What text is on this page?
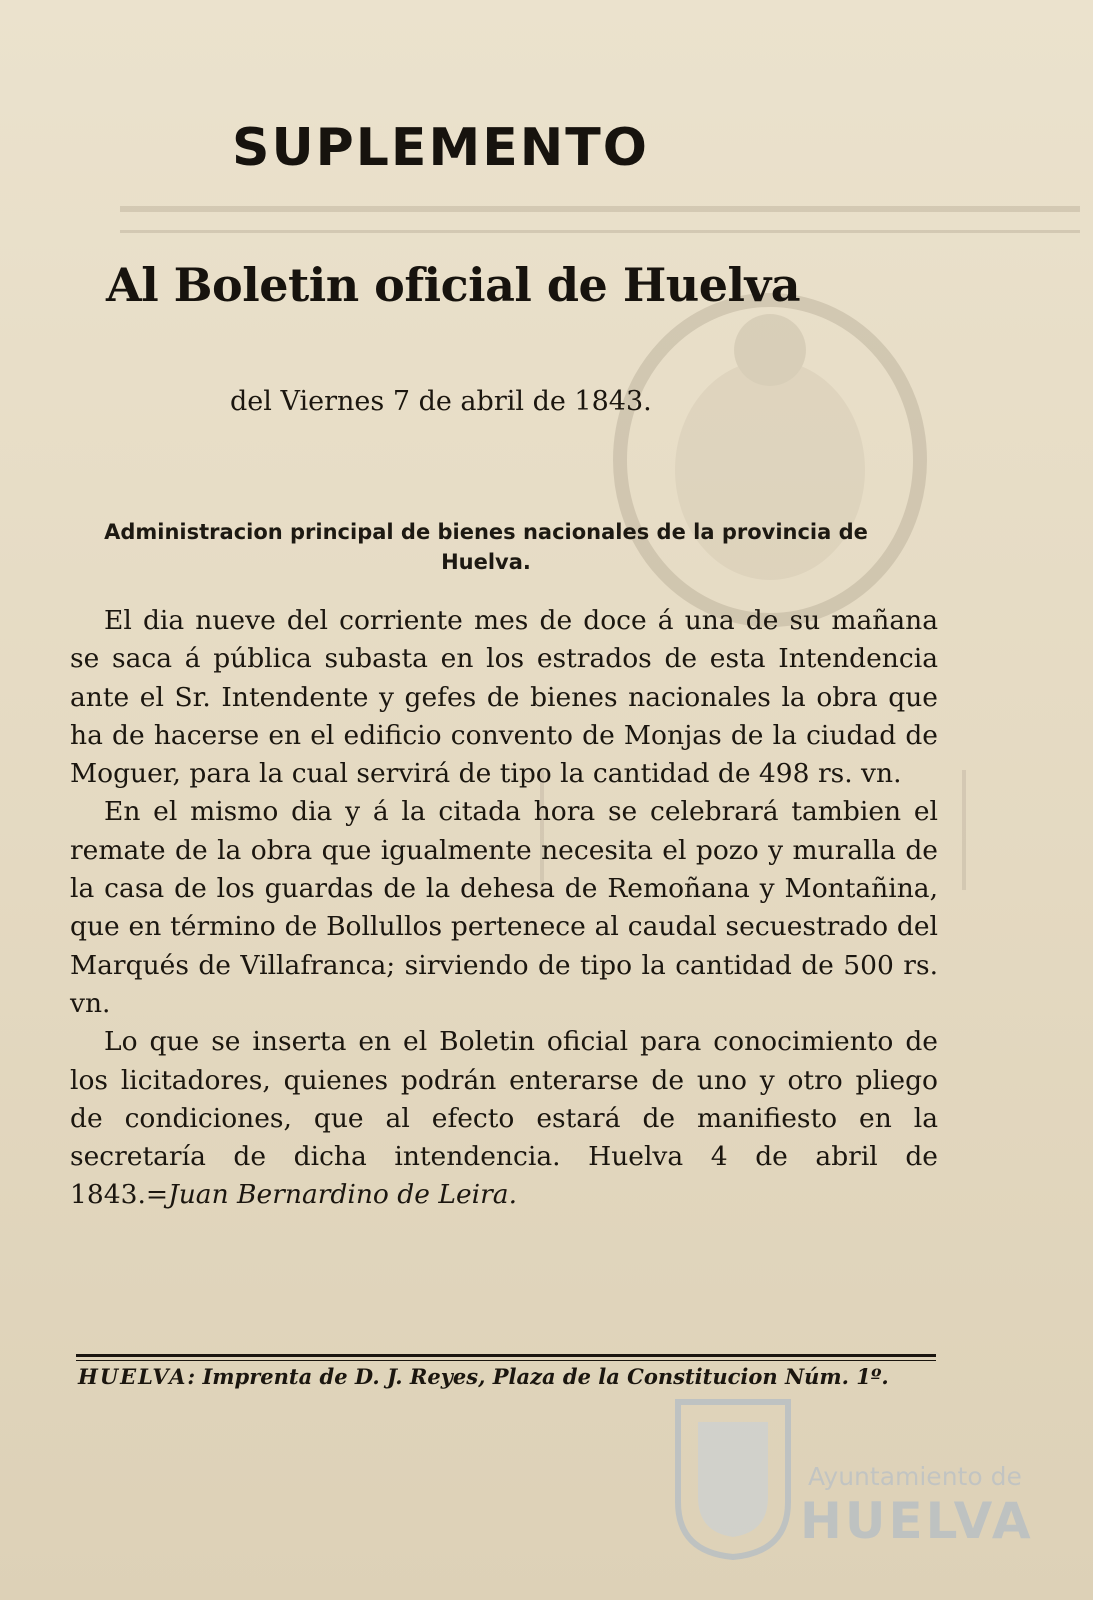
SUPLEMENTO
Al Boletin oficial de Huelva
del Viernes 7 de abril de 1843.
Administracion principal de bienes nacionales de la provincia de
Huelva.

El dia nueve del corriente mes de doce á una de su mañana se saca á pública subasta en los estrados de esta Intendencia ante el Sr. Intendente y gefes de bienes nacionales la obra que ha de hacerse en el edificio convento de Monjas de la ciudad de Moguer, para la cual servirá de tipo la cantidad de 498 rs. vn.

En el mismo dia y á la citada hora se celebrará tambien el remate de la obra que igualmente necesita el pozo y muralla de la casa de los guardas de la dehesa de Remoñana y Montañina, que en término de Bollullos pertenece al caudal secuestrado del Marqués de Villafranca; sirviendo de tipo la cantidad de 500 rs. vn.

Lo que se inserta en el Boletin oficial para conocimiento de los licitadores, quienes podrán enterarse de uno y otro pliego de condiciones, que al efecto estará de manifiesto en la secretaría de dicha intendencia. Huelva 4 de abril de 1843.=Juan Bernardino de Leira.

HUELVA: Imprenta de D. J. Reyes, Plaza de la Constitucion Núm. 1º.
Ayuntamiento de
HUELVA
